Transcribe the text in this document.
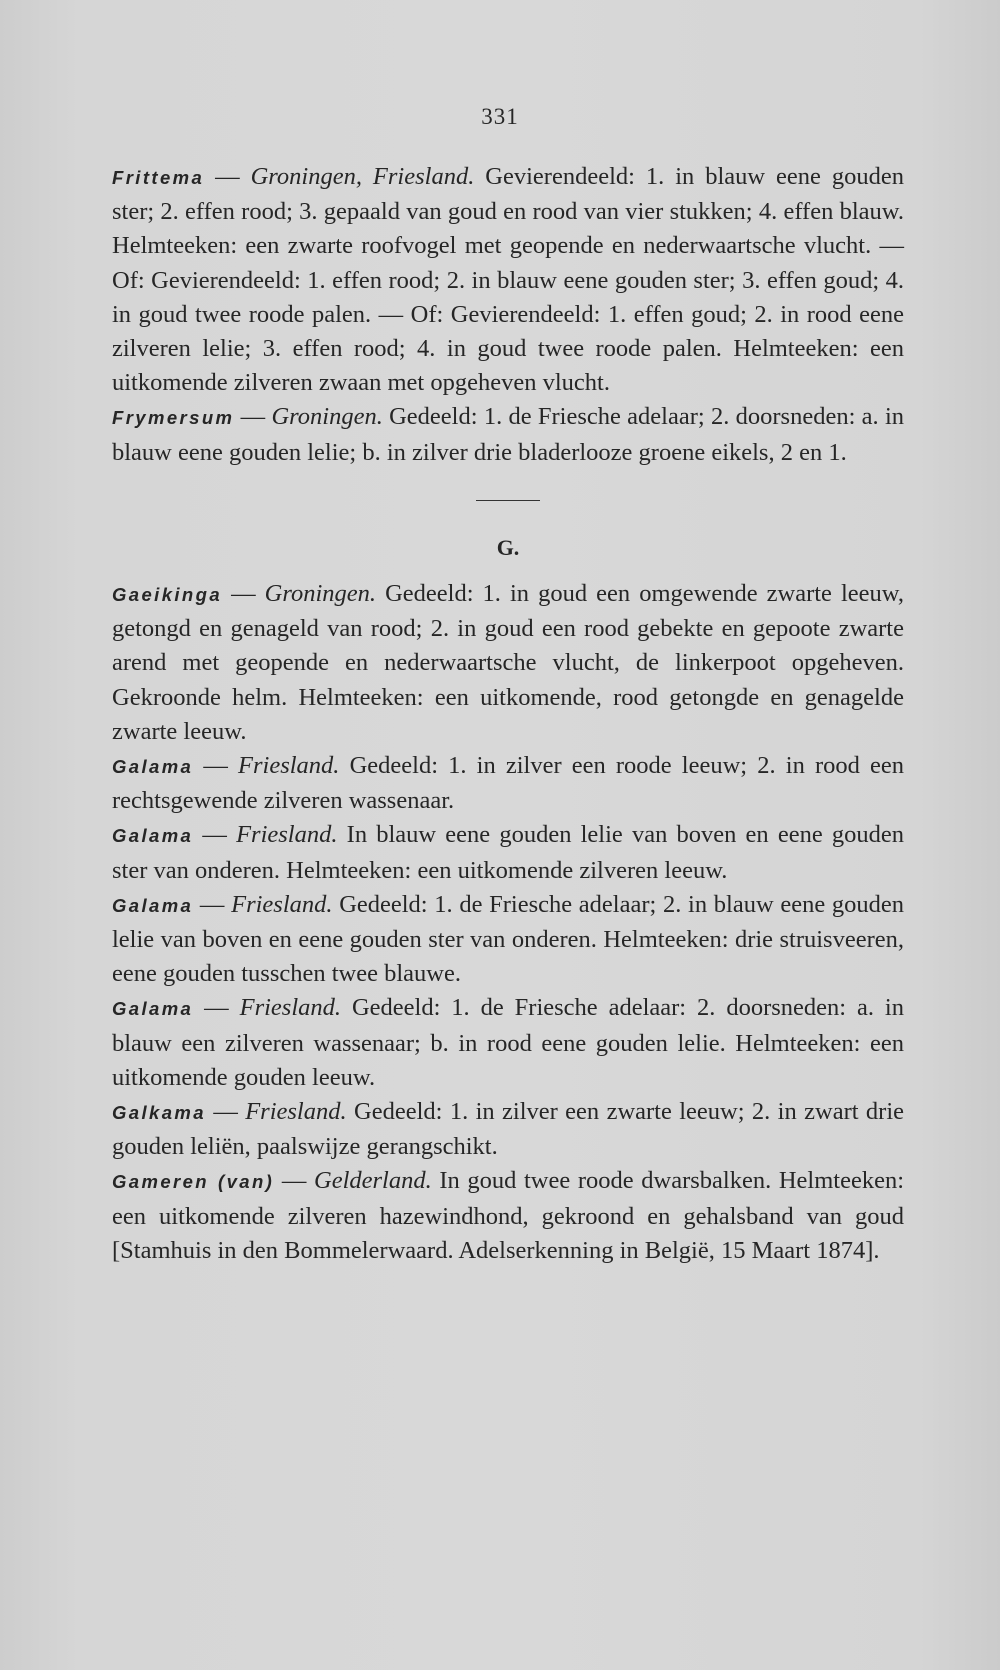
331

Frittema — Groningen, Friesland. Gevierendeeld: 1. in blauw eene gouden ster; 2. effen rood; 3. gepaald van goud en rood van vier stukken; 4. effen blauw. Helmteeken: een zwarte roofvogel met geopende en nederwaartsche vlucht. — Of: Gevierendeeld: 1. effen rood; 2. in blauw eene gouden ster; 3. effen goud; 4. in goud twee roode palen. — Of: Gevierendeeld: 1. effen goud; 2. in rood eene zilveren lelie; 3. effen rood; 4. in goud twee roode palen. Helmteeken: een uitkomende zilveren zwaan met opgeheven vlucht.

Frymersum — Groningen. Gedeeld: 1. de Friesche adelaar; 2. doorsneden: a. in blauw eene gouden lelie; b. in zilver drie bladerlooze groene eikels, 2 en 1.

G.

Gaeikinga — Groningen. Gedeeld: 1. in goud een omgewende zwarte leeuw, getongd en genageld van rood; 2. in goud een rood gebekte en gepoote zwarte arend met geopende en nederwaartsche vlucht, de linkerpoot opgeheven. Gekroonde helm. Helmteeken: een uitkomende, rood getongde en genagelde zwarte leeuw.

Galama — Friesland. Gedeeld: 1. in zilver een roode leeuw; 2. in rood een rechtsgewende zilveren wassenaar.

Galama — Friesland. In blauw eene gouden lelie van boven en eene gouden ster van onderen. Helmteeken: een uitkomende zilveren leeuw.

Galama — Friesland. Gedeeld: 1. de Friesche adelaar; 2. in blauw eene gouden lelie van boven en eene gouden ster van onderen. Helmteeken: drie struisveeren, eene gouden tusschen twee blauwe.

Galama — Friesland. Gedeeld: 1. de Friesche adelaar: 2. doorsneden: a. in blauw een zilveren wassenaar; b. in rood eene gouden lelie. Helmteeken: een uitkomende gouden leeuw.

Galkama — Friesland. Gedeeld: 1. in zilver een zwarte leeuw; 2. in zwart drie gouden leliën, paalswijze gerangschikt.

Gameren (van) — Gelderland. In goud twee roode dwarsbalken. Helmteeken: een uitkomende zilveren hazewindhond, gekroond en gehalsband van goud [Stamhuis in den Bommelerwaard. Adelserkenning in België, 15 Maart 1874].
